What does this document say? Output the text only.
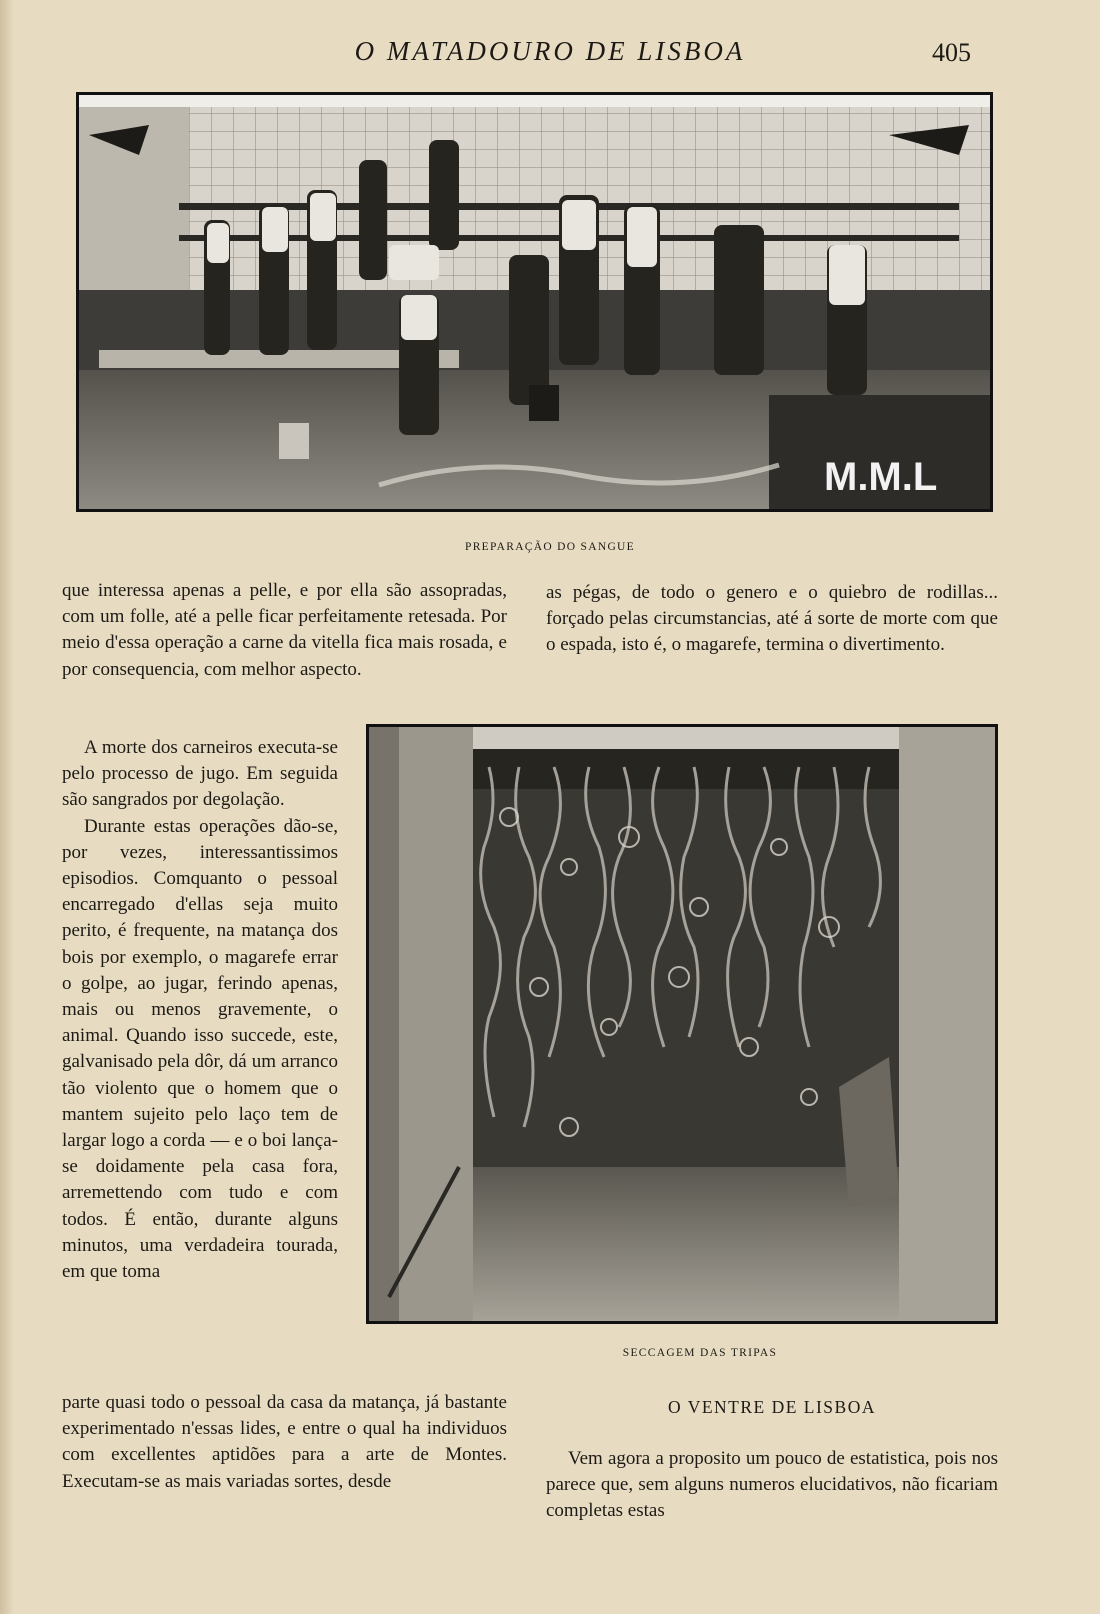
O MATADOURO DE LISBOA	405
M.M.L
PREPARAÇÃO DO SANGUE

que interessa apenas a pelle, e por ella são assopradas, com um folle, até a pelle ficar perfeitamente retesada. Por meio d'essa operação a carne da vitella fica mais rosada, e por consequencia, com melhor aspecto.

A morte dos carneiros executa-se pelo processo de jugo. Em seguida são sangrados por degolação.

Durante estas operações dão-se, por vezes, interessantissimos episodios. Comquanto o pessoal encarregado d'ellas seja muito perito, é frequente, na matança dos bois por exemplo, o magarefe errar o golpe, ao jugar, ferindo apenas, mais ou menos gravemente, o animal. Quando isso succede, este, galvanisado pela dôr, dá um arranco tão violento que o homem que o mantem sujeito pelo laço tem de largar logo a corda — e o boi lança-se doidamente pela casa fora, arremettendo com tudo e com todos. É então, durante alguns minutos, uma verdadeira tourada, em que toma

parte quasi todo o pessoal da casa da matança, já bastante experimentado n'essas lides, e entre o qual ha individuos com excellentes aptidões para a arte de Montes. Executam-se as mais variadas sortes, desde

as pégas, de todo o genero e o quiebro de rodillas... forçado pelas circumstancias, até á sorte de morte com que o espada, isto é, o magarefe, termina o divertimento.

SECCAGEM DAS TRIPAS
O VENTRE DE LISBOA

Vem agora a proposito um pouco de estatistica, pois nos parece que, sem alguns numeros elucidativos, não ficariam completas estas
